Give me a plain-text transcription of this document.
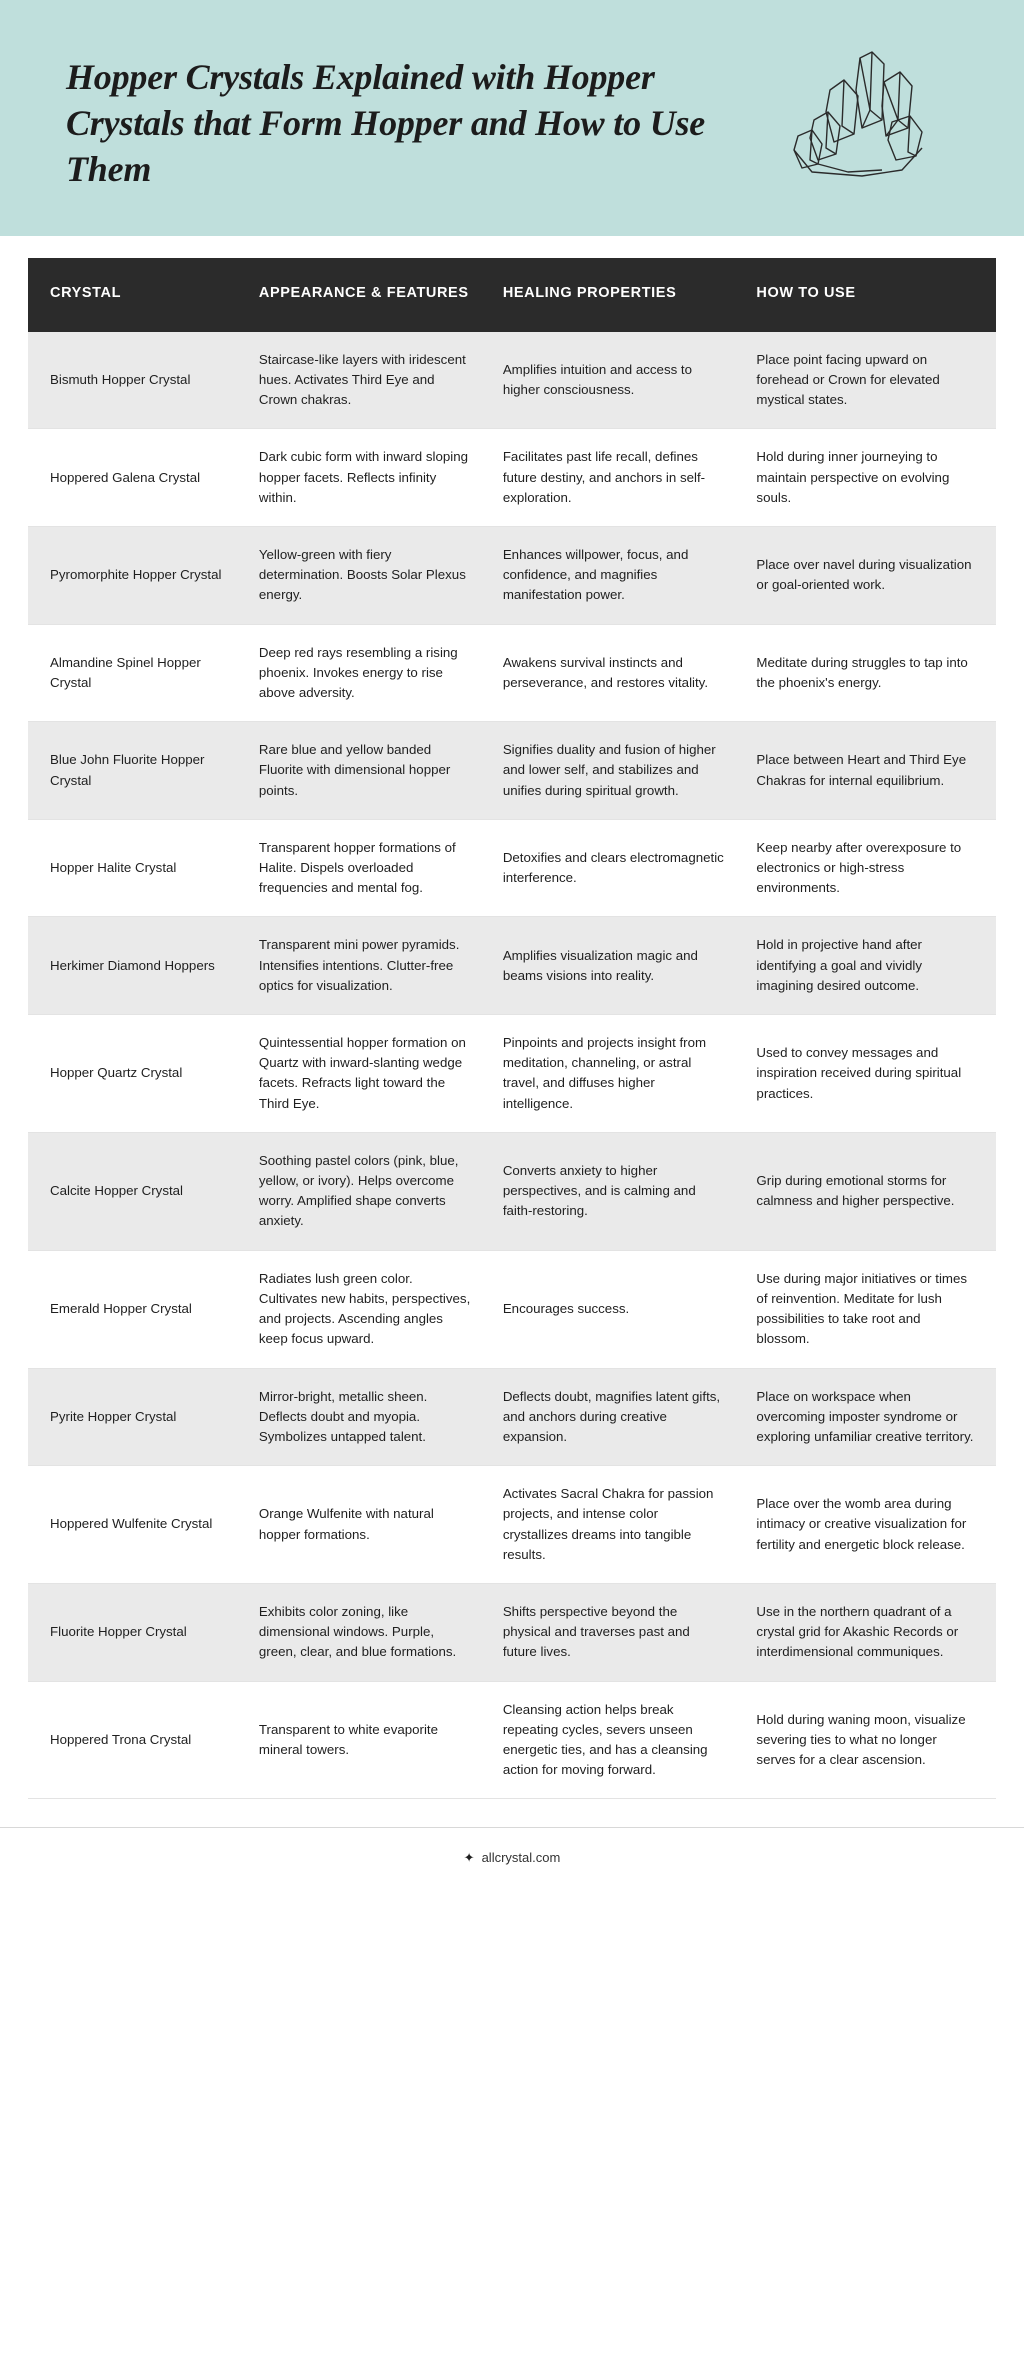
Hopper Crystals Explained with Hopper Crystals that Form Hopper and How to Use Them
CRYSTAL	APPEARANCE & FEATURES	HEALING PROPERTIES	HOW TO USE
Bismuth Hopper Crystal	Staircase-like layers with iridescent hues. Activates Third Eye and Crown chakras.	Amplifies intuition and access to higher consciousness.	Place point facing upward on forehead or Crown for elevated mystical states.
Hoppered Galena Crystal	Dark cubic form with inward sloping hopper facets. Reflects infinity within.	Facilitates past life recall, defines future destiny, and anchors in self-exploration.	Hold during inner journeying to maintain perspective on evolving souls.
Pyromorphite Hopper Crystal	Yellow-green with fiery determination. Boosts Solar Plexus energy.	Enhances willpower, focus, and confidence, and magnifies manifestation power.	Place over navel during visualization or goal-oriented work.
Almandine Spinel Hopper Crystal	Deep red rays resembling a rising phoenix. Invokes energy to rise above adversity.	Awakens survival instincts and perseverance, and restores vitality.	Meditate during struggles to tap into the phoenix's energy.
Blue John Fluorite Hopper Crystal	Rare blue and yellow banded Fluorite with dimensional hopper points.	Signifies duality and fusion of higher and lower self, and stabilizes and unifies during spiritual growth.	Place between Heart and Third Eye Chakras for internal equilibrium.
Hopper Halite Crystal	Transparent hopper formations of Halite. Dispels overloaded frequencies and mental fog.	Detoxifies and clears electromagnetic interference.	Keep nearby after overexposure to electronics or high-stress environments.
Herkimer Diamond Hoppers	Transparent mini power pyramids. Intensifies intentions. Clutter-free optics for visualization.	Amplifies visualization magic and beams visions into reality.	Hold in projective hand after identifying a goal and vividly imagining desired outcome.
Hopper Quartz Crystal	Quintessential hopper formation on Quartz with inward-slanting wedge facets. Refracts light toward the Third Eye.	Pinpoints and projects insight from meditation, channeling, or astral travel, and diffuses higher intelligence.	Used to convey messages and inspiration received during spiritual practices.
Calcite Hopper Crystal	Soothing pastel colors (pink, blue, yellow, or ivory). Helps overcome worry. Amplified shape converts anxiety.	Converts anxiety to higher perspectives, and is calming and faith-restoring.	Grip during emotional storms for calmness and higher perspective.
Emerald Hopper Crystal	Radiates lush green color. Cultivates new habits, perspectives, and projects. Ascending angles keep focus upward.	Encourages success.	Use during major initiatives or times of reinvention. Meditate for lush possibilities to take root and blossom.
Pyrite Hopper Crystal	Mirror-bright, metallic sheen. Deflects doubt and myopia. Symbolizes untapped talent.	Deflects doubt, magnifies latent gifts, and anchors during creative expansion.	Place on workspace when overcoming imposter syndrome or exploring unfamiliar creative territory.
Hoppered Wulfenite Crystal	Orange Wulfenite with natural hopper formations.	Activates Sacral Chakra for passion projects, and intense color crystallizes dreams into tangible results.	Place over the womb area during intimacy or creative visualization for fertility and energetic block release.
Fluorite Hopper Crystal	Exhibits color zoning, like dimensional windows. Purple, green, clear, and blue formations.	Shifts perspective beyond the physical and traverses past and future lives.	Use in the northern quadrant of a crystal grid for Akashic Records or interdimensional communiques.
Hoppered Trona Crystal	Transparent to white evaporite mineral towers.	Cleansing action helps break repeating cycles, severs unseen energetic ties, and has a cleansing action for moving forward.	Hold during waning moon, visualize severing ties to what no longer serves for a clear ascension.
✦ allcrystal.com
